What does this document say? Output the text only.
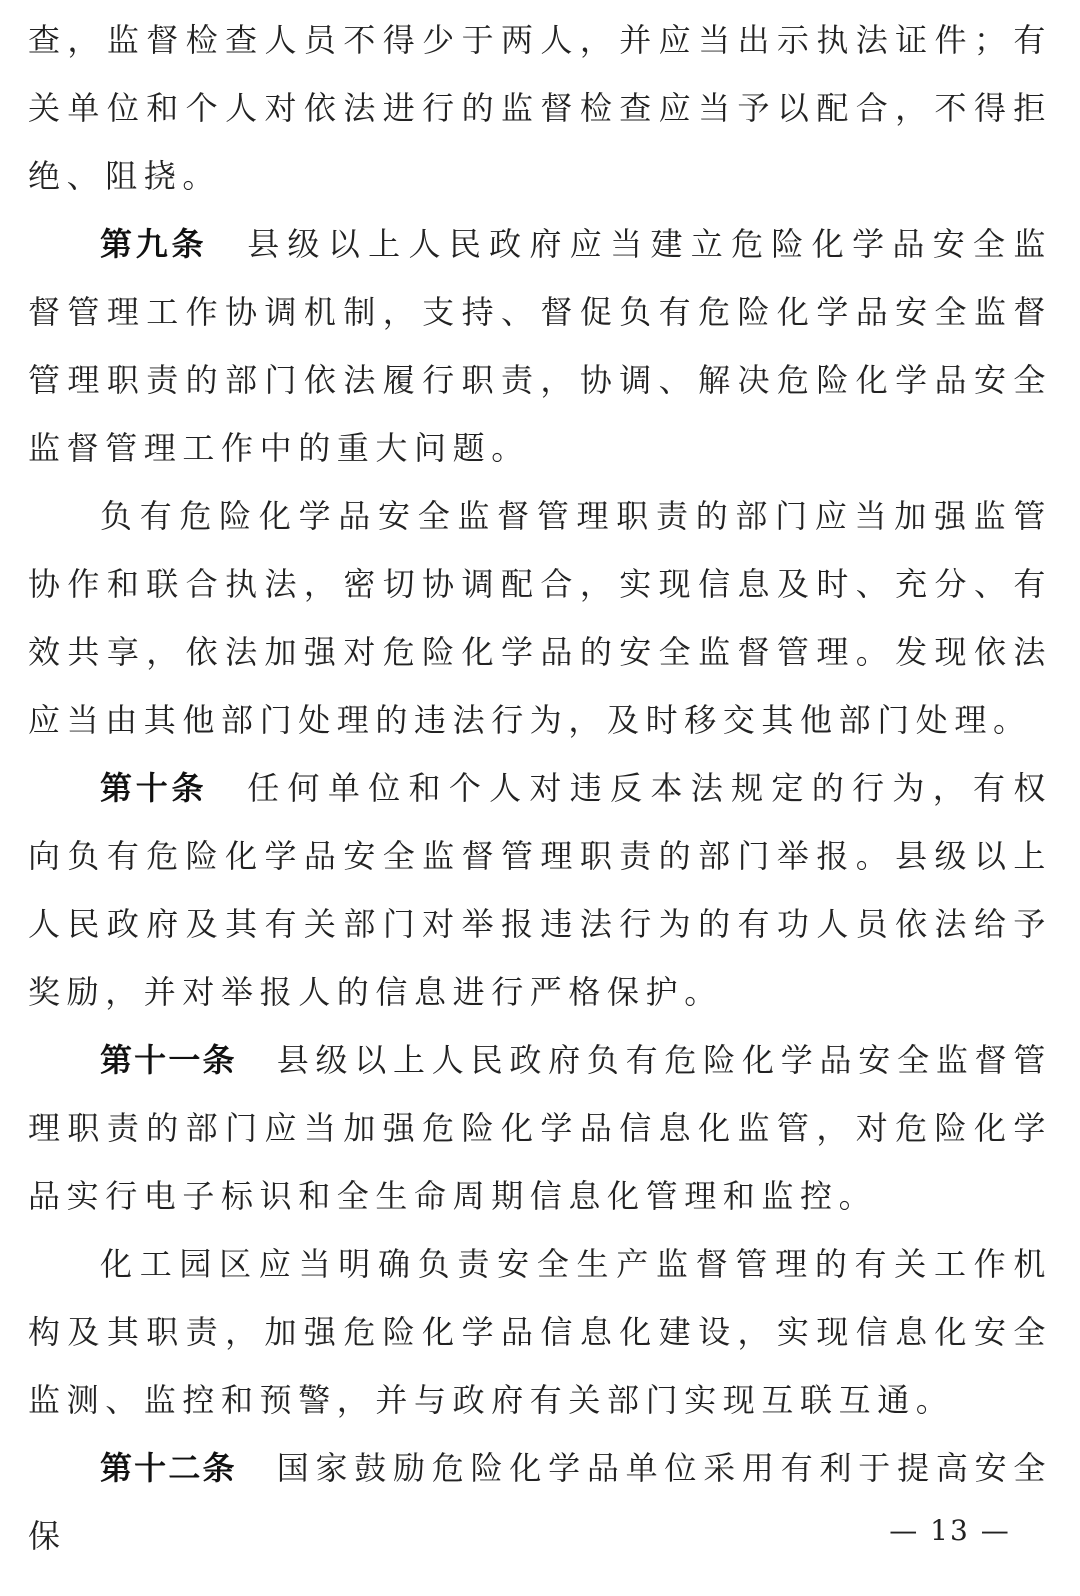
查，监督检查人员不得少于两人，并应当出示执法证件；有关单位和个人对依法进行的监督检查应当予以配合，不得拒绝、阻挠。

第九条 县级以上人民政府应当建立危险化学品安全监督管理工作协调机制，支持、督促负有危险化学品安全监督管理职责的部门依法履行职责，协调、解决危险化学品安全监督管理工作中的重大问题。

负有危险化学品安全监督管理职责的部门应当加强监管协作和联合执法，密切协调配合，实现信息及时、充分、有效共享，依法加强对危险化学品的安全监督管理。发现依法应当由其他部门处理的违法行为，及时移交其他部门处理。

第十条 任何单位和个人对违反本法规定的行为，有权向负有危险化学品安全监督管理职责的部门举报。县级以上人民政府及其有关部门对举报违法行为的有功人员依法给予奖励，并对举报人的信息进行严格保护。

第十一条 县级以上人民政府负有危险化学品安全监督管理职责的部门应当加强危险化学品信息化监管，对危险化学品实行电子标识和全生命周期信息化管理和监控。

化工园区应当明确负责安全生产监督管理的有关工作机构及其职责，加强危险化学品信息化建设，实现信息化安全监测、监控和预警，并与政府有关部门实现互联互通。

第十二条 国家鼓励危险化学品单位采用有利于提高安全保	— 13 —
